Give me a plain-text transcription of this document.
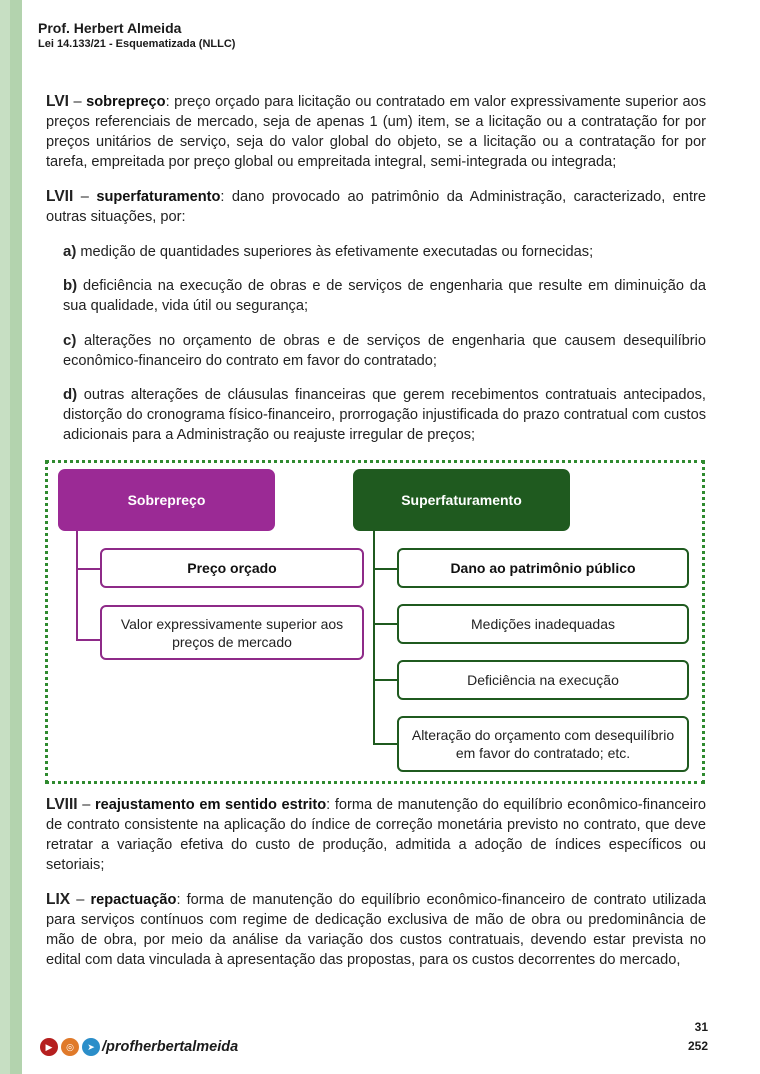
Prof. Herbert Almeida
Lei 14.133/21 - Esquematizada (NLLC)
LVI – sobrepreço: preço orçado para licitação ou contratado em valor expressivamente superior aos preços referenciais de mercado, seja de apenas 1 (um) item, se a licitação ou a contratação for por preços unitários de serviço, seja do valor global do objeto, se a licitação ou a contratação for por tarefa, empreitada por preço global ou empreitada integral, semi-integrada ou integrada;
LVII – superfaturamento: dano provocado ao patrimônio da Administração, caracterizado, entre outras situações, por:
a) medição de quantidades superiores às efetivamente executadas ou fornecidas;
b) deficiência na execução de obras e de serviços de engenharia que resulte em diminuição da sua qualidade, vida útil ou segurança;
c) alterações no orçamento de obras e de serviços de engenharia que causem desequilíbrio econômico-financeiro do contrato em favor do contratado;
d) outras alterações de cláusulas financeiras que gerem recebimentos contratuais antecipados, distorção do cronograma físico-financeiro, prorrogação injustificada do prazo contratual com custos adicionais para a Administração ou reajuste irregular de preços;
Sobrepreço	Superfaturamento
Preço orçado
Valor expressivamente superior aos preços de mercado
Dano ao patrimônio público
Medições inadequadas
Deficiência na execução
Alteração do orçamento com desequilíbrio em favor do contratado; etc.
LVIII – reajustamento em sentido estrito: forma de manutenção do equilíbrio econômico-financeiro de contrato consistente na aplicação do índice de correção monetária previsto no contrato, que deve retratar a variação efetiva do custo de produção, admitida a adoção de índices específicos ou setoriais;
LIX – repactuação: forma de manutenção do equilíbrio econômico-financeiro de contrato utilizada para serviços contínuos com regime de dedicação exclusiva de mão de obra ou predominância de mão de obra, por meio da análise da variação dos custos contratuais, devendo estar prevista no edital com data vinculada à apresentação das propostas, para os custos decorrentes do mercado,
▶	◎	➤ /profherbertalmeida
31
252
